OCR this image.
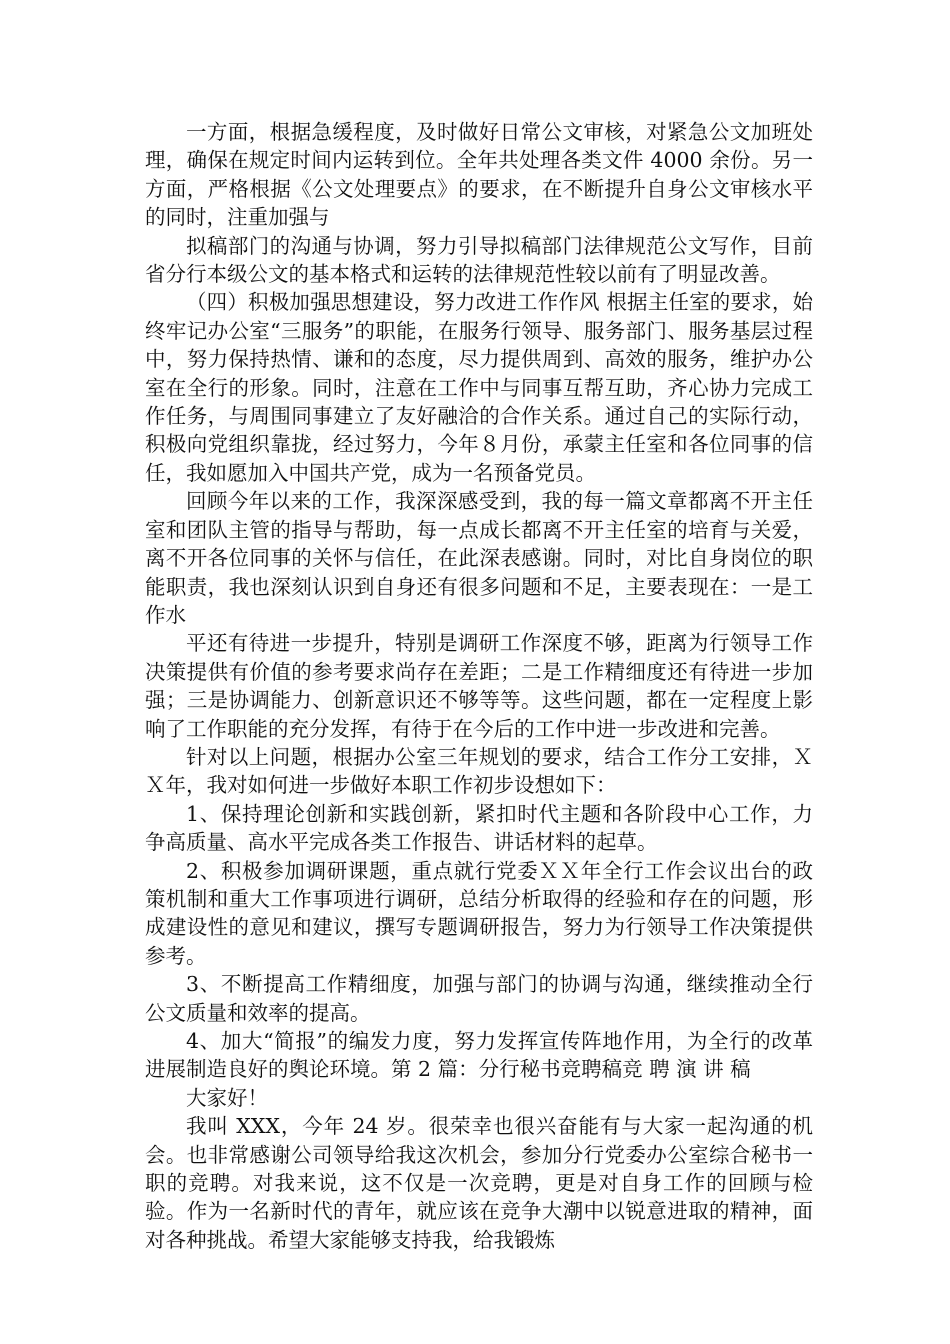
一方面，根据急缓程度，及时做好日常公文审核，对紧急公文加班处理，确保在规定时间内运转到位。全年共处理各类文件 4000 余份。另一方面，严格根据《公文处理要点》的要求，在不断提升自身公文审核水平的同时，注重加强与

拟稿部门的沟通与协调，努力引导拟稿部门法律规范公文写作，目前省分行本级公文的基本格式和运转的法律规范性较以前有了明显改善。

（四）积极加强思想建设，努力改进工作作风 根据主任室的要求，始终牢记办公室“三服务”的职能，在服务行领导、服务部门、服务基层过程中，努力保持热情、谦和的态度，尽力提供周到、高效的服务，维护办公室在全行的形象。同时，注意在工作中与同事互帮互助，齐心协力完成工作任务，与周围同事建立了友好融洽的合作关系。通过自己的实际行动，积极向党组织靠拢，经过努力，今年８月份，承蒙主任室和各位同事的信任，我如愿加入中国共产党，成为一名预备党员。

回顾今年以来的工作，我深深感受到，我的每一篇文章都离不开主任室和团队主管的指导与帮助，每一点成长都离不开主任室的培育与关爱，离不开各位同事的关怀与信任，在此深表感谢。同时，对比自身岗位的职能职责，我也深刻认识到自身还有很多问题和不足，主要表现在：一是工作水

平还有待进一步提升，特别是调研工作深度不够，距离为行领导工作决策提供有价值的参考要求尚存在差距；二是工作精细度还有待进一步加强；三是协调能力、创新意识还不够等等。这些问题，都在一定程度上影响了工作职能的充分发挥，有待于在今后的工作中进一步改进和完善。

针对以上问题，根据办公室三年规划的要求，结合工作分工安排，ＸＸ年，我对如何进一步做好本职工作初步设想如下：

1、保持理论创新和实践创新，紧扣时代主题和各阶段中心工作，力争高质量、高水平完成各类工作报告、讲话材料的起草。

2、积极参加调研课题，重点就行党委ＸＸ年全行工作会议出台的政策机制和重大工作事项进行调研，总结分析取得的经验和存在的问题，形成建设性的意见和建议，撰写专题调研报告，努力为行领导工作决策提供参考。

3、不断提高工作精细度，加强与部门的协调与沟通，继续推动全行公文质量和效率的提高。

4、加大“简报”的编发力度，努力发挥宣传阵地作用，为全行的改革进展制造良好的舆论环境。第 2 篇：分行秘书竞聘稿竞 聘 演 讲 稿

大家好！

我叫 XXX，今年 24 岁。很荣幸也很兴奋能有与大家一起沟通的机会。也非常感谢公司领导给我这次机会，参加分行党委办公室综合秘书一职的竞聘。对我来说，这不仅是一次竞聘，更是对自身工作的回顾与检验。作为一名新时代的青年，就应该在竞争大潮中以锐意进取的精神，面对各种挑战。希望大家能够支持我，给我锻炼
